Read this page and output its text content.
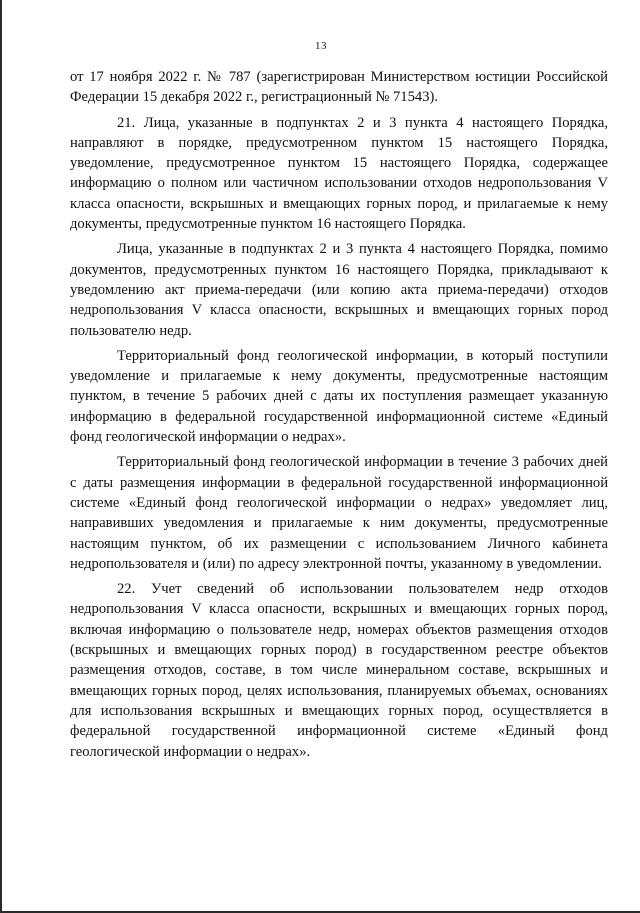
13

от 17 ноября 2022 г. № 787 (зарегистрирован Министерством юстиции Российской Федерации 15 декабря 2022 г., регистрационный № 71543).

21. Лица, указанные в подпунктах 2 и 3 пункта 4 настоящего Порядка, направляют в порядке, предусмотренном пунктом 15 настоящего Порядка, уведомление, предусмотренное пунктом 15 настоящего Порядка, содержащее информацию о полном или частичном использовании отходов недропользования V класса опасности, вскрышных и вмещающих горных пород, и прилагаемые к нему документы, предусмотренные пунктом 16 настоящего Порядка.

Лица, указанные в подпунктах 2 и 3 пункта 4 настоящего Порядка, помимо документов, предусмотренных пунктом 16 настоящего Порядка, прикладывают к уведомлению акт приема-передачи (или копию акта приема-передачи) отходов недропользования V класса опасности, вскрышных и вмещающих горных пород пользователю недр.

Территориальный фонд геологической информации, в который поступили уведомление и прилагаемые к нему документы, предусмотренные настоящим пунктом, в течение 5 рабочих дней с даты их поступления размещает указанную информацию в федеральной государственной информационной системе «Единый фонд геологической информации о недрах».

Территориальный фонд геологической информации в течение 3 рабочих дней с даты размещения информации в федеральной государственной информационной системе «Единый фонд геологической информации о недрах» уведомляет лиц, направивших уведомления и прилагаемые к ним документы, предусмотренные настоящим пунктом, об их размещении с использованием Личного кабинета недропользователя и (или) по адресу электронной почты, указанному в уведомлении.

22. Учет сведений об использовании пользователем недр отходов недропользования V класса опасности, вскрышных и вмещающих горных пород, включая информацию о пользователе недр, номерах объектов размещения отходов (вскрышных и вмещающих горных пород) в государственном реестре объектов размещения отходов, составе, в том числе минеральном составе, вскрышных и вмещающих горных пород, целях использования, планируемых объемах, основаниях для использования вскрышных и вмещающих горных пород, осуществляется в федеральной государственной информационной системе «Единый фонд геологической информации о недрах».
